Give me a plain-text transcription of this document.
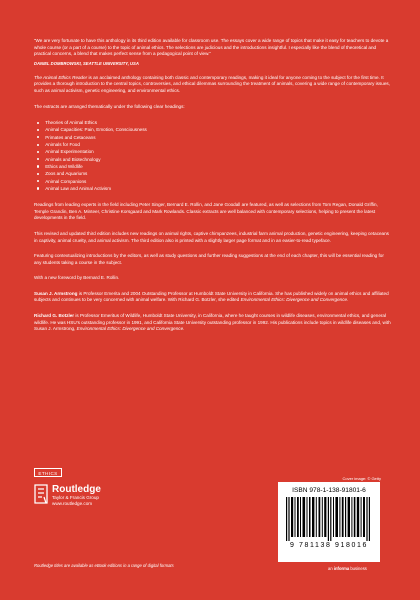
“We are very fortunate to have this anthology in its third edition available for classroom use. The essays cover a wide range of topics that make it easy for teachers to devote a whole course (or a part of a course) to the topic of animal ethics. The selections are judicious and the introductions insightful. I especially like the blend of theoretical and practical concerns, a blend that makes perfect sense from a pedagogical point of view.”
DANIEL DOMBROWSKI, SEATTLE UNIVERSITY, USA

The Animal Ethics Reader is an acclaimed anthology containing both classic and contemporary readings, making it ideal for anyone coming to the subject for the first time. It provides a thorough introduction to the central topics, controversies, and ethical dilemmas surrounding the treatment of animals, covering a wide range of contemporary issues, such as animal activism, genetic engineering, and environmental ethics.

The extracts are arranged thematically under the following clear headings:

Theories of Animal Ethics
Animal Capacities: Pain, Emotion, Consciousness
Primates and Cetaceans
Animals for Food
Animal Experimentation
Animals and Biotechnology
Ethics and Wildlife
Zoos and Aquariums
Animal Companions
Animal Law and Animal Activism

Readings from leading experts in the field including Peter Singer, Bernard E. Rollin, and Jane Goodall are featured, as well as selections from Tom Regan, Donald Griffin, Temple Grandin, Ben A. Minteer, Christine Korsgaard and Mark Rowlands. Classic extracts are well balanced with contemporary selections, helping to present the latest developments in the field.

This revised and updated third edition includes new readings on animal rights, captive chimpanzees, industrial farm animal production, genetic engineering, keeping cetaceans in captivity, animal cruelty, and animal activism. The third edition also is printed with a slightly larger page format and in an easier-to-read typeface.

Featuring contextualizing introductions by the editors, as well as study questions and further reading suggestions at the end of each chapter, this will be essential reading for any students taking a course in the subject.

With a new foreword by Bernard E. Rollin.

Susan J. Armstrong is Professor Emerita and 2004 Outstanding Professor at Humboldt State University in California. She has published widely on animal ethics and affiliated subjects and continues to be very concerned with animal welfare. With Richard G. Botzler, she edited Environmental Ethics: Divergence and Convergence.

Richard G. Botzler is Professor Emeritus of Wildlife, Humboldt State University, in California, where he taught courses in wildlife diseases, environmental ethics, and general wildlife. He was HSU’s outstanding professor in 1991, and California State University outstanding professor in 1992. His publications include topics in wildlife diseases and, with Susan J. Armstrong, Environmental Ethics: Divergence and Convergence.

ETHICS
Routledge
Taylor & Francis Group
www.routledge.com
Routledge titles are available as eBook editions in a range of digital formats
Cover image: © Getty
ISBN 978-1-138-91801-6
9 781138 918016
an informa business
